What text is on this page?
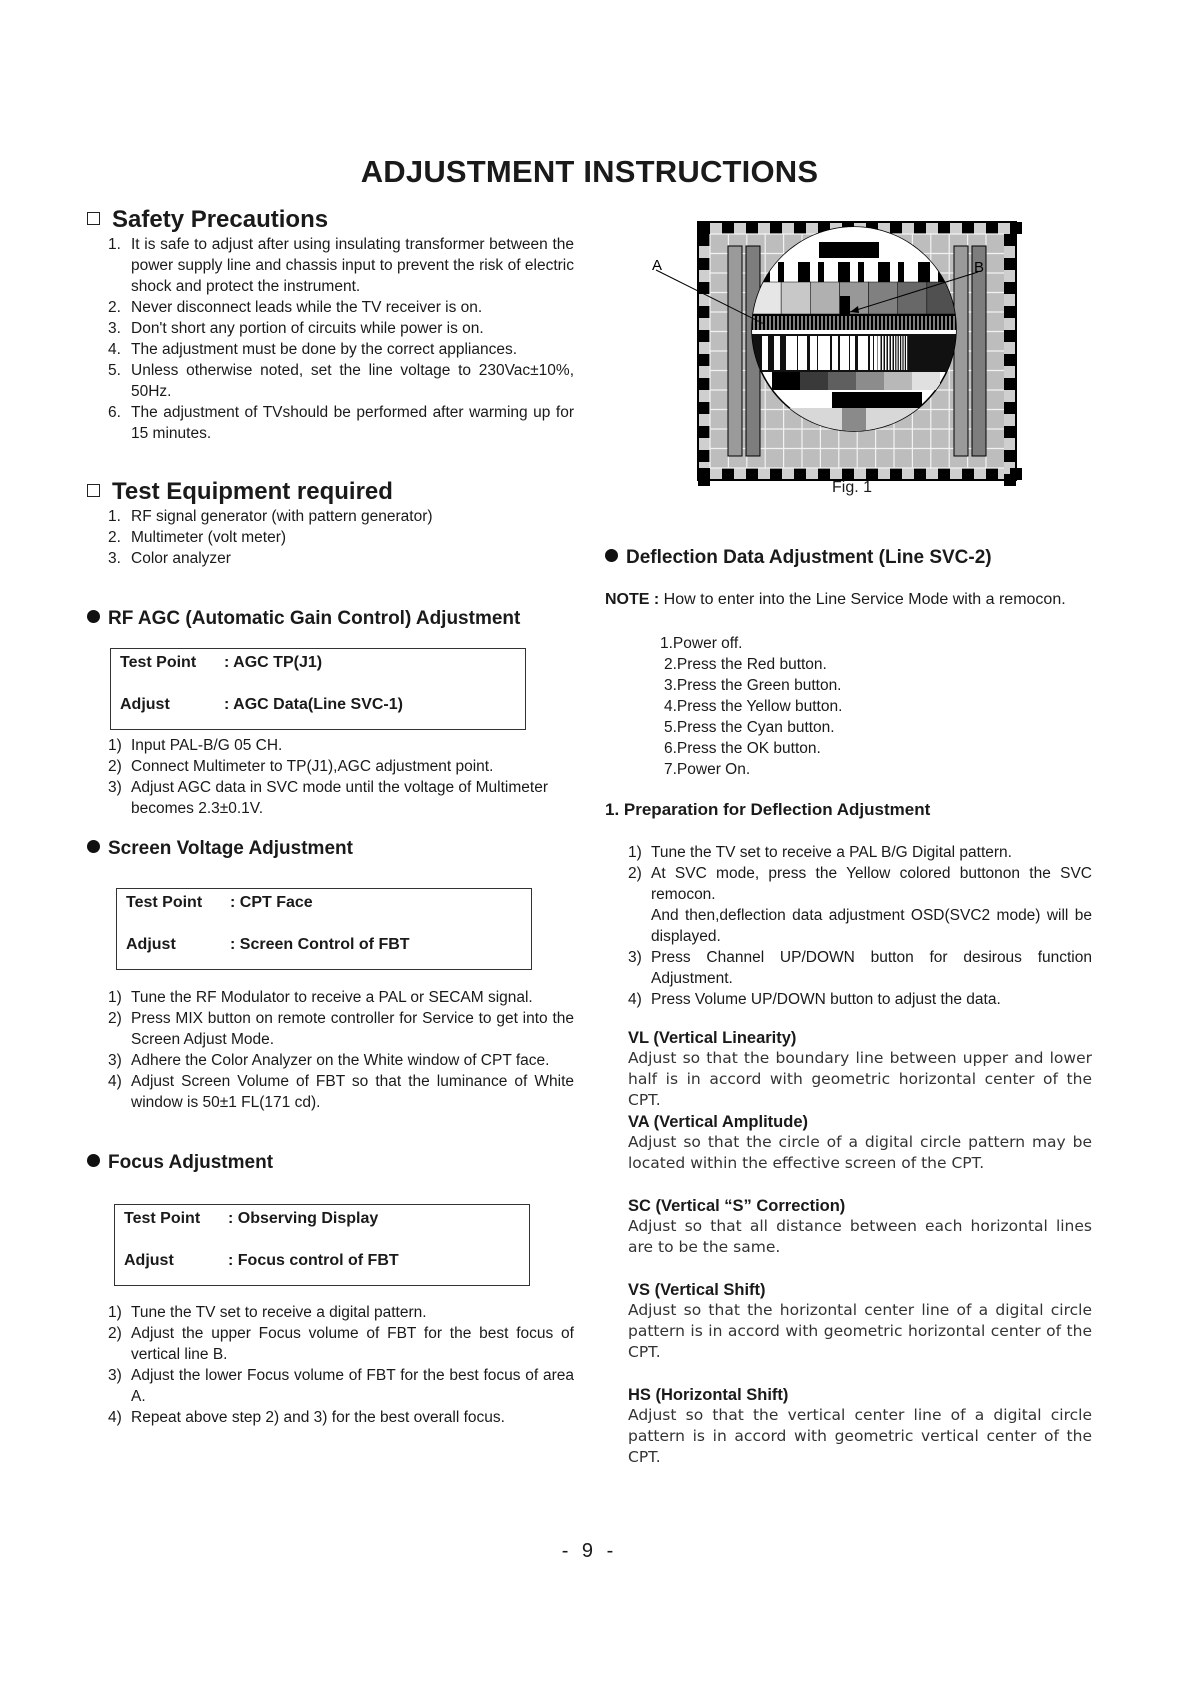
ADJUSTMENT INSTRUCTIONS
Safety Precautions
1. It is safe to adjust after using insulating transformer between the power supply line and chassis input to prevent the risk of electric shock and protect the instrument.
2. Never disconnect leads while the TV receiver is on.
3. Don't short any portion of circuits while power is on.
4. The adjustment must be done by the correct appliances.
5. Unless otherwise noted, set the line voltage to 230Vac±10%, 50Hz.
6. The adjustment of TVshould be performed after warming up for 15 minutes.
Test Equipment required
1. RF signal generator (with pattern generator)
2. Multimeter (volt meter)
3. Color analyzer
RF AGC (Automatic Gain Control) Adjustment
Test Point : AGC TP(J1)
Adjust	: AGC Data(Line SVC-1)
1) Input PAL-B/G 05 CH.
2) Connect Multimeter to TP(J1),AGC adjustment point.
3) Adjust AGC data in SVC mode until the voltage of Multimeter becomes 2.3±0.1V.
Screen Voltage Adjustment
Test Point : CPT Face
Adjust	: Screen Control of FBT
1) Tune the RF Modulator to receive a PAL or SECAM signal.
2) Press MIX button on remote controller for Service to get into the Screen Adjust Mode.
3) Adhere the Color Analyzer on the White window of CPT face.
4) Adjust Screen Volume of FBT so that the luminance of White window is 50±1 FL(171 cd).
Focus Adjustment
Test Point : Observing Display
Adjust	: Focus control of FBT
1) Tune the TV set to receive a digital pattern.
2) Adjust the upper Focus volume of FBT for the best focus of vertical line B.
3) Adjust the lower Focus volume of FBT for the best focus of area A.
4) Repeat above step 2) and 3) for the best overall focus.
A	B
Fig. 1
Deflection Data Adjustment (Line SVC-2)
NOTE : How to enter into the Line Service Mode with a remocon.
1.Power off.
2.Press the Red button.
3.Press the Green button.
4.Press the Yellow button.
5.Press the Cyan button.
6.Press the OK button.
7.Power On.
1. Preparation for Deflection Adjustment
1) Tune the TV set to receive a PAL B/G Digital pattern.
2) At SVC mode, press the Yellow colored buttonon the SVC remocon.
And then,deflection data adjustment OSD(SVC2 mode) will be displayed.
3) Press Channel UP/DOWN button for desirous function Adjustment.
4) Press Volume UP/DOWN button to adjust the data.
VL (Vertical Linearity)
Adjust so that the boundary line between upper and lower half is in accord with geometric horizontal center of the CPT.
VA (Vertical Amplitude)
Adjust so that the circle of a digital circle pattern may be located within the effective screen of the CPT.
SC (Vertical “S” Correction)
Adjust so that all distance between each horizontal lines are to be the same.
VS (Vertical Shift)
Adjust so that the horizontal center line of a digital circle pattern is in accord with geometric horizontal center of the CPT.
HS (Horizontal Shift)
Adjust so that the vertical center line of a digital circle pattern is in accord with geometric vertical center of the CPT.
- 9 -
